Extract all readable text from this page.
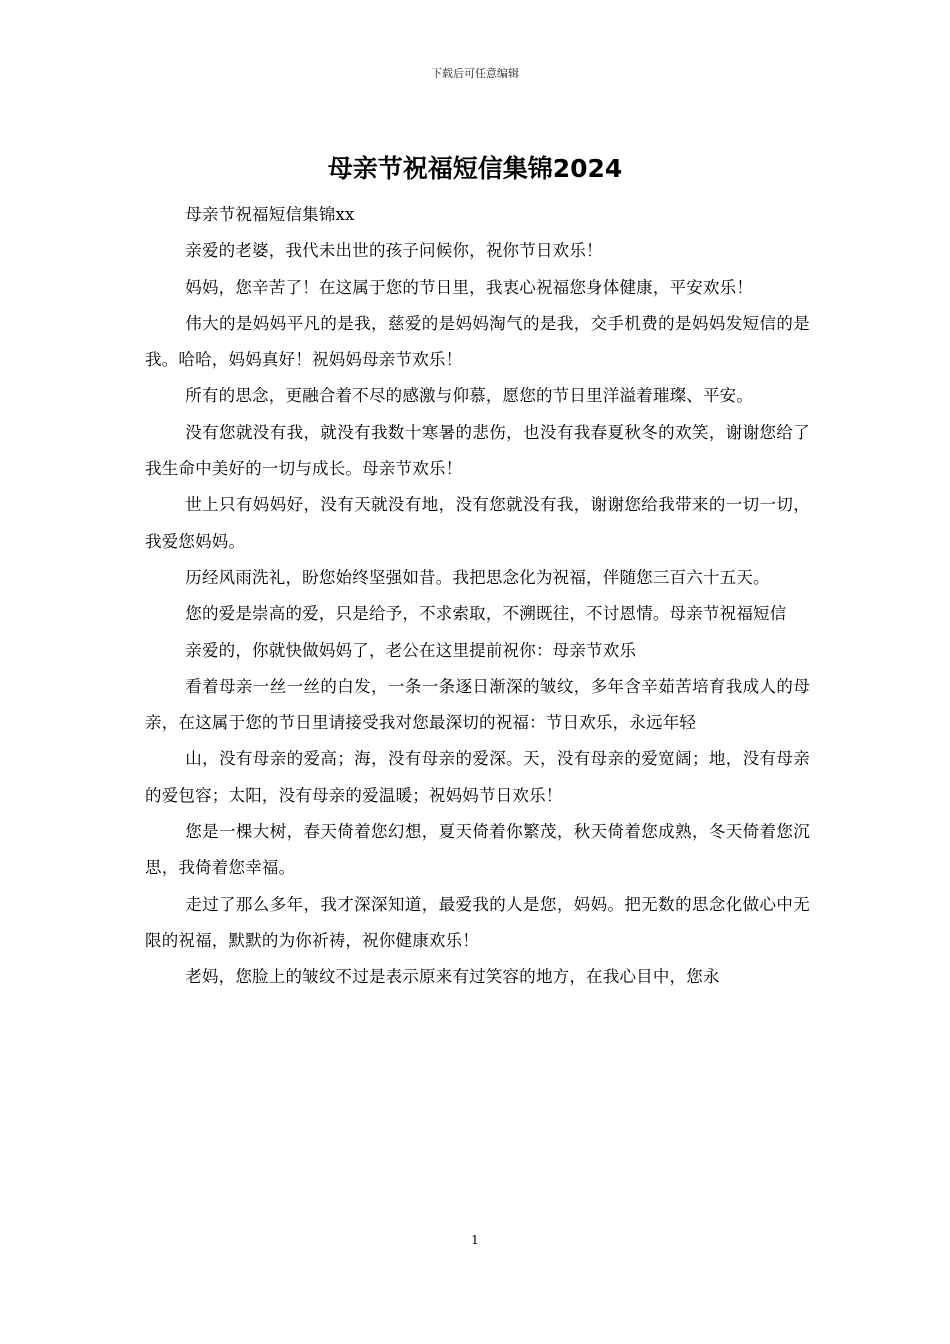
下载后可任意编辑
母亲节祝福短信集锦2024

母亲节祝福短信集锦xx

亲爱的老婆，我代未出世的孩子问候你，祝你节日欢乐！

妈妈，您辛苦了！在这属于您的节日里，我衷心祝福您身体健康，平安欢乐！

伟大的是妈妈平凡的是我，慈爱的是妈妈淘气的是我，交手机费的是妈妈发短信的是我。哈哈，妈妈真好！祝妈妈母亲节欢乐！

所有的思念，更融合着不尽的感激与仰慕，愿您的节日里洋溢着璀璨、平安。

没有您就没有我，就没有我数十寒暑的悲伤，也没有我春夏秋冬的欢笑，谢谢您给了我生命中美好的一切与成长。母亲节欢乐！

世上只有妈妈好，没有天就没有地，没有您就没有我，谢谢您给我带来的一切一切，我爱您妈妈。

历经风雨洗礼，盼您始终坚强如昔。我把思念化为祝福，伴随您三百六十五天。

您的爱是崇高的爱，只是给予，不求索取，不溯既往，不讨恩情。母亲节祝福短信

亲爱的，你就快做妈妈了，老公在这里提前祝你：母亲节欢乐

看着母亲一丝一丝的白发，一条一条逐日渐深的皱纹，多年含辛茹苦培育我成人的母亲，在这属于您的节日里请接受我对您最深切的祝福：节日欢乐，永远年轻

山，没有母亲的爱高；海，没有母亲的爱深。天，没有母亲的爱宽阔；地，没有母亲的爱包容；太阳，没有母亲的爱温暖；祝妈妈节日欢乐！

您是一棵大树，春天倚着您幻想，夏天倚着你繁茂，秋天倚着您成熟，冬天倚着您沉思，我倚着您幸福。

走过了那么多年，我才深深知道，最爱我的人是您，妈妈。把无数的思念化做心中无限的祝福，默默的为你祈祷，祝你健康欢乐！

老妈，您脸上的皱纹不过是表示原来有过笑容的地方，在我心目中，您永

1
